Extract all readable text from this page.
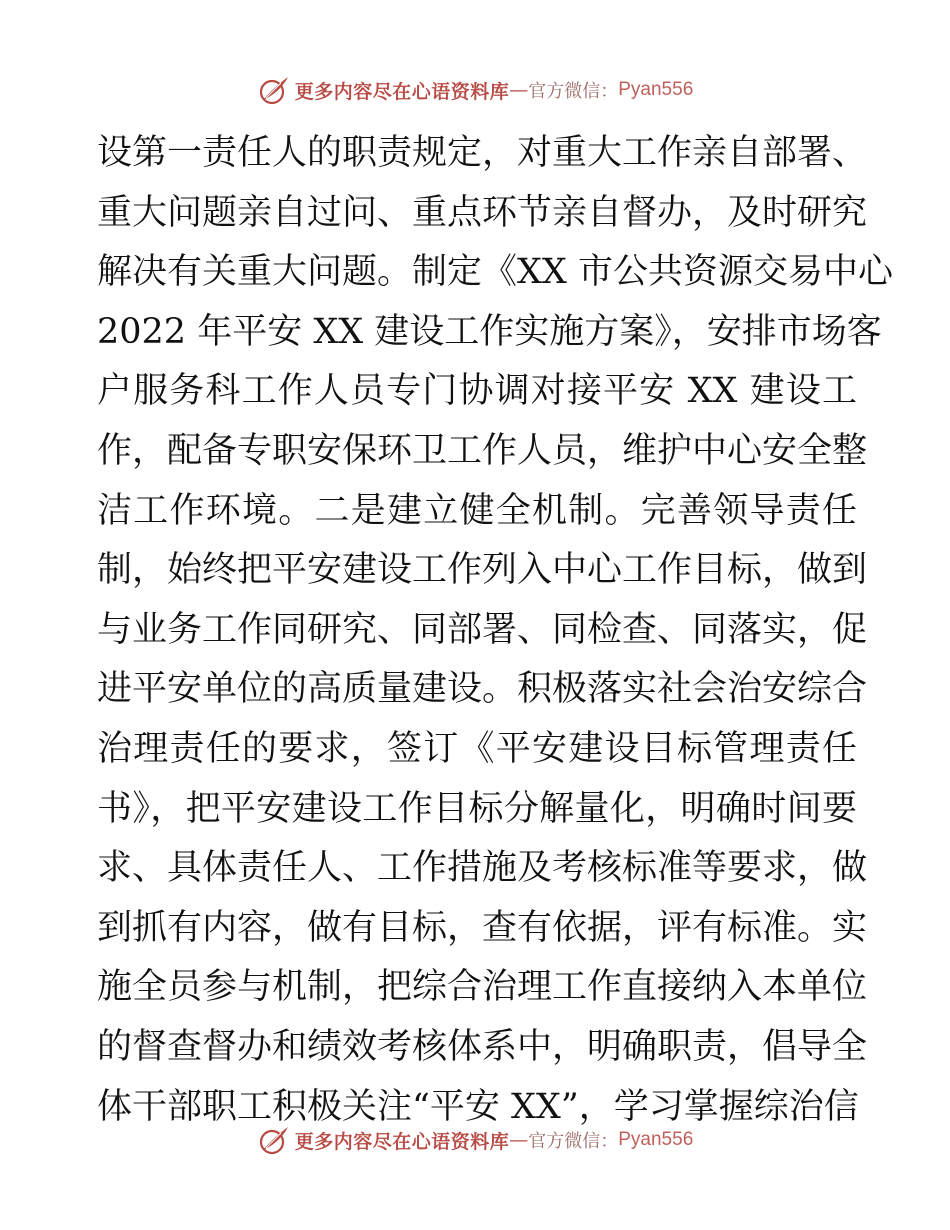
更多内容尽在心语资料库 — 官方微信： Pyan556
设第一责任人的职责规定，对重大工作亲自部署、
重大问题亲自过问、重点环节亲自督办，及时研究
解决有关重大问题。制定《XX 市公共资源交易中心
2022 年平安 XX 建设工作实施方案》，安排市场客
户服务科工作人员专门协调对接平安 XX 建设工
作，配备专职安保环卫工作人员，维护中心安全整
洁工作环境。二是建立健全机制。完善领导责任
制，始终把平安建设工作列入中心工作目标，做到
与业务工作同研究、同部署、同检查、同落实，促
进平安单位的高质量建设。积极落实社会治安综合
治理责任的要求，签订《平安建设目标管理责任
书》，把平安建设工作目标分解量化，明确时间要
求、具体责任人、工作措施及考核标准等要求，做
到抓有内容，做有目标，查有依据，评有标准。实
施全员参与机制，把综合治理工作直接纳入本单位
的督查督办和绩效考核体系中，明确职责，倡导全
体干部职工积极关注“平安 XX”，学习掌握综治信
更多内容尽在心语资料库 — 官方微信： Pyan556
